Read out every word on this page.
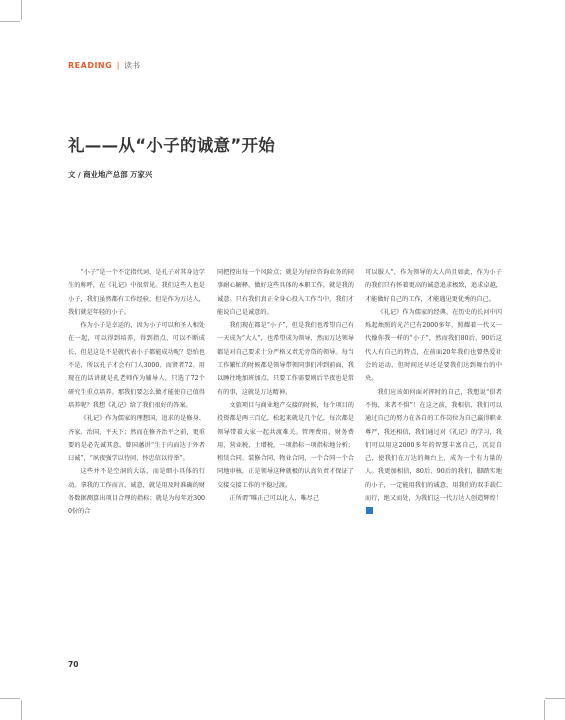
READING | 读书
礼——从“小子的诚意”开始
文 / 商业地产总部 万家兴

“小子”是一个不定指代词，是孔子对其身边学生的称呼，在《礼记》中很常见。我们这些人也是小子，我们虽然都有工作经验，但是作为万达人，我们就是年轻的小子。

作为小子是幸运的，因为小子可以和圣人相处在一起，可以得到培养，得到指点，可以不断成长，但是这是不是就代表小子都能成功呢？恐怕也不是，所以孔子才会有门人3000、而贤者72。用现在的话讲就是孔老师作为辅导人，只选了72个研究生重点培养。那我们要怎么做才能使自己值得培养呢？我想《礼记》给了我们很好的答案。

《礼记》作为儒家的理想国，追求的是修身、齐家、治国、平天下；然而在修齐治平之前，更重要的是必先诚其意。曾国藩讲“生于内而达于外者曰诚”，“夙夜强学以待问，怀忠信以待举”。

这些并不是空洞的大话，而是细小具体的行动。拿我的工作而言，诚意，就是用及时准确的财务数据测算出项目合理的指标；就是为每年近3000份的合

同把控出每一个风险点；就是为每位咨询业务的同事耐心解释。做好这些具体的本职工作，就是我的诚意。只有我们真正全身心投入工作当中，我们才能说自己是诚意的。

我们现在都是“小子”，但是我们也希望自己有一天成为“大人”，也希望成为领导，然而万达领导都是对自己要求十分严格又责无旁贷的领导。每当工作繁忙的时候都是领导带领同事们冲到前面，我以睡往地加班加点，只要工作需要则后半夜也是常有的事，这就是万达精神。

文旅项目与商业地产交接的时候，每个项目的投资都是两三百亿，松起来就是几个亿，每次都是领导带着大家一起共渡难关。管理费用、财务费用、营业税、土增税，一项指标一项指标地分析；租赁合同、装修合同、物业合同，一个合同一个合同地审核，正是领导这种就极的认真负责才保证了交接交接工作的平稳过渡。

正所谓“唯正己可以化人，唯尽己

可以服人”，作为领导的大人尚且如此，作为小子的我们只有怀着更高的诚意追求极致，追求卓越，才能做好自己的工作，才能遇见更优秀的自己。

《礼记》作为儒家的经典，在历史的长河中闪烁起烛照的光芒已有2000多年，照耀着一代又一代像你我一样的“小子”，然而我们80后、90后这代人有自己的特点，在前面20年我们也曾热爱社会的运动，但时间还早还是要我们达到舞台的中央。

我们应该如何面对挥时的自己，我想说“俱者不悔，来者不惧”！在这之前，我相信，我们可以通过自己的努力在各自的工作岗位为自己赢得职业尊严，我还相信，我们通过对《礼记》的学习，我们可以用这2000多年的智慧丰富自己，沉淀自己，使我们在万达的舞台上，成为一个有力量的人。我更加相信，80后、90后的我们，脚踏实地的小子，一定能用我们的诚意，用我们的双手载仁而行，绝又而处，为我们这一代万达人创造辉煌！

70
